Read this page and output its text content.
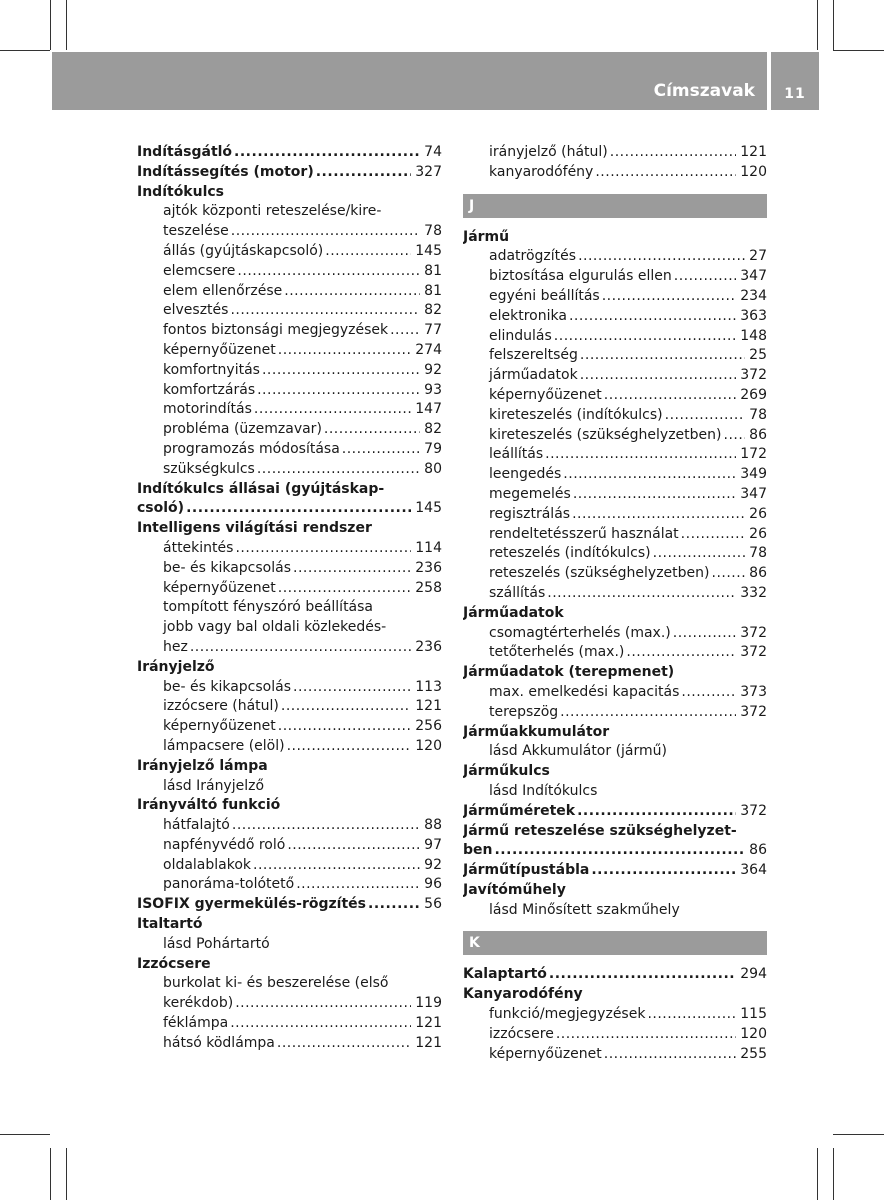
Címszavak	11
Indításgátló .....	74
Indítássegítés (motor) .....	327
Indítókulcs
ajtók központi reteszelése/kire-
teszelése .....	78
állás (gyújtáskapcsoló) .....	145
elemcsere .....	81
elem ellenőrzése .....	81
elvesztés .....	82
fontos biztonsági megjegyzések .....	77
képernyőüzenet .....	274
komfortnyitás .....	92
komfortzárás .....	93
motorindítás .....	147
probléma (üzemzavar) .....	82
programozás módosítása .....	79
szükségkulcs .....	80
Indítókulcs állásai (gyújtáskap-
csoló) .....	145
Intelligens világítási rendszer
áttekintés .....	114
be- és kikapcsolás .....	236
képernyőüzenet .....	258
tompított fényszóró beállítása
jobb vagy bal oldali közlekedés-
hez .....	236
Irányjelző
be- és kikapcsolás .....	113
izzócsere (hátul) .....	121
képernyőüzenet .....	256
lámpacsere (elöl) .....	120
Irányjelző lámpa
lásd Irányjelző
Irányváltó funkció
hátfalajtó .....	88
napfényvédő roló .....	97
oldalablakok .....	92
panoráma-tolótető .....	96
ISOFIX gyermekülés-rögzítés .....	56
Italtartó
lásd Pohártartó
Izzócsere
burkolat ki- és beszerelése (első
kerékdob) .....	119
féklámpa .....	121
hátsó ködlámpa .....	121
irányjelző (hátul) .....	121
kanyarodófény .....	120
J
Jármű
adatrögzítés .....	27
biztosítása elgurulás ellen .....	347
egyéni beállítás .....	234
elektronika .....	363
elindulás .....	148
felszereltség .....	25
járműadatok .....	372
képernyőüzenet .....	269
kireteszelés (indítókulcs) .....	78
kireteszelés (szükséghelyzetben) ..... 86
leállítás .....	172
leengedés .....	349
megemelés .....	347
regisztrálás .....	26
rendeltetésszerű használat .....	26
reteszelés (indítókulcs) .....	78
reteszelés (szükséghelyzetben) .....	86
szállítás .....	332
Járműadatok
csomagtérterhelés (max.) .....	372
tetőterhelés (max.) .....	372
Járműadatok (terepmenet)
max. emelkedési kapacitás .....	373
terepszög .....	372
Járműakkumulátor
lásd Akkumulátor (jármű)
Járműkulcs
lásd Indítókulcs
Járműméretek .....	372
Jármű reteszelése szükséghelyzet-
ben .....	86
Járműtípustábla .....	364
Javítóműhely
lásd Minősített szakműhely
K
Kalaptartó .....	294
Kanyarodófény
funkció/megjegyzések .....	115
izzócsere .....	120
képernyőüzenet .....	255
